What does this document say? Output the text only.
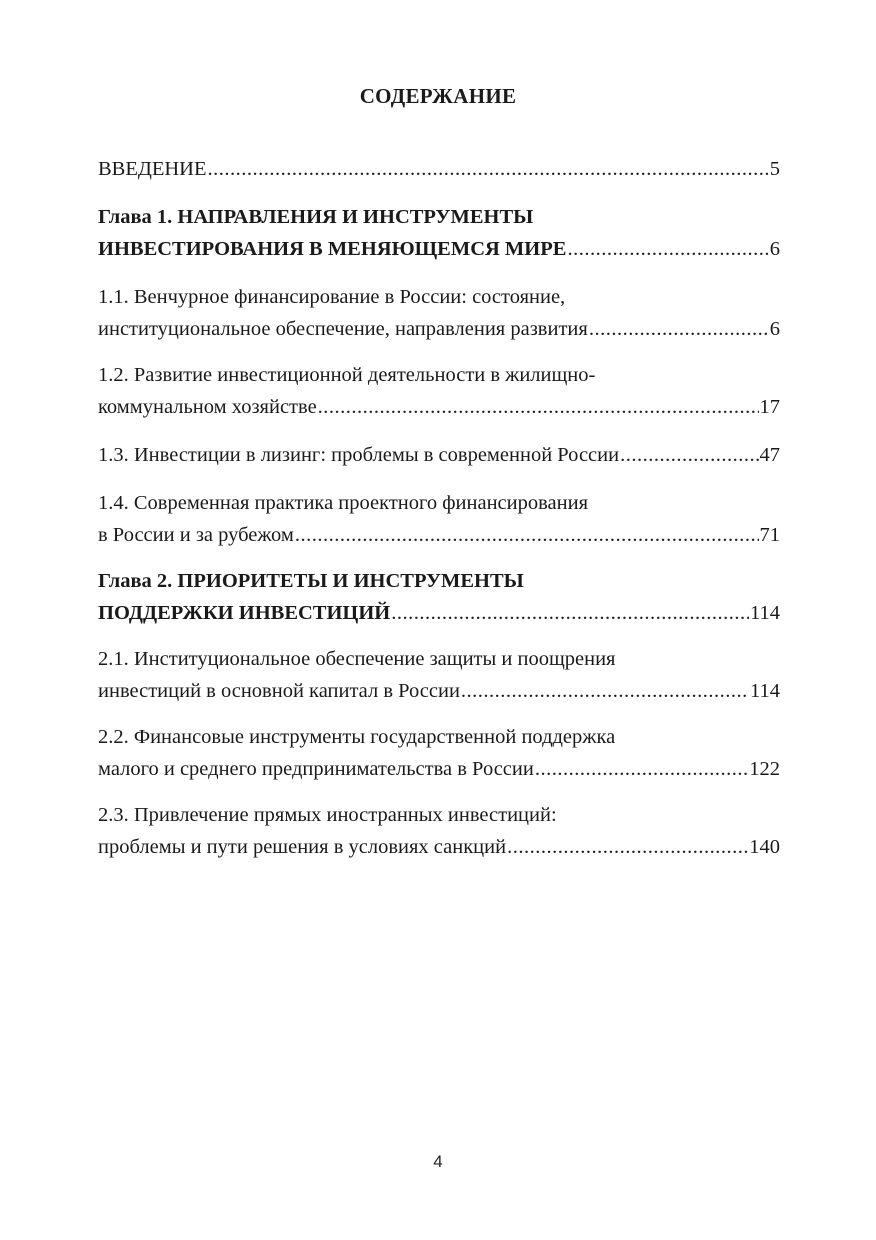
СОДЕРЖАНИЕ
ВВЕДЕНИЕ .....	5
Глава 1. НАПРАВЛЕНИЯ И ИНСТРУМЕНТЫ
ИНВЕСТИРОВАНИЯ В МЕНЯЮЩЕМСЯ МИРЕ .....	6
1.1. Венчурное финансирование в России: состояние,
институциональное обеспечение, направления развития .....	6
1.2. Развитие инвестиционной деятельности в жилищно-
коммунальном хозяйстве .....	17
1.3. Инвестиции в лизинг: проблемы в современной России .....	47
1.4. Современная практика проектного финансирования
в России и за рубежом .....	71
Глава 2. ПРИОРИТЕТЫ И ИНСТРУМЕНТЫ
ПОДДЕРЖКИ ИНВЕСТИЦИЙ .....	114
2.1. Институциональное обеспечение защиты и поощрения
инвестиций в основной капитал в России .....	114
2.2. Финансовые инструменты государственной поддержка
малого и среднего предпринимательства в России .....	122
2.3. Привлечение прямых иностранных инвестиций:
проблемы и пути решения в условиях санкций .....	140
4
